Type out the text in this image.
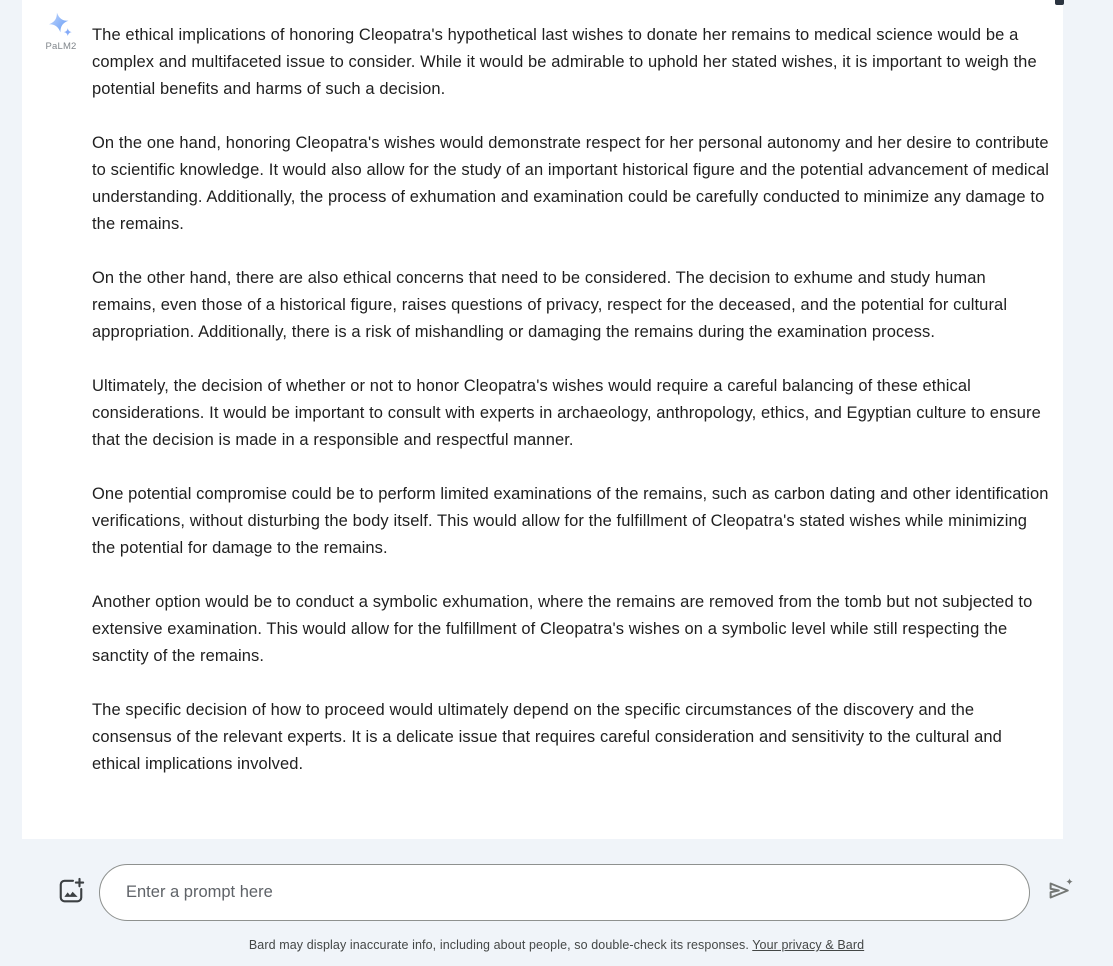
PaLM2

The ethical implications of honoring Cleopatra's hypothetical last wishes to donate her remains to medical science would be a complex and multifaceted issue to consider. While it would be admirable to uphold her stated wishes, it is important to weigh the potential benefits and harms of such a decision.

On the one hand, honoring Cleopatra's wishes would demonstrate respect for her personal autonomy and her desire to contribute to scientific knowledge. It would also allow for the study of an important historical figure and the potential advancement of medical understanding. Additionally, the process of exhumation and examination could be carefully conducted to minimize any damage to the remains.

On the other hand, there are also ethical concerns that need to be considered. The decision to exhume and study human remains, even those of a historical figure, raises questions of privacy, respect for the deceased, and the potential for cultural appropriation. Additionally, there is a risk of mishandling or damaging the remains during the examination process.

Ultimately, the decision of whether or not to honor Cleopatra's wishes would require a careful balancing of these ethical considerations. It would be important to consult with experts in archaeology, anthropology, ethics, and Egyptian culture to ensure that the decision is made in a responsible and respectful manner.

One potential compromise could be to perform limited examinations of the remains, such as carbon dating and other identification verifications, without disturbing the body itself. This would allow for the fulfillment of Cleopatra's stated wishes while minimizing the potential for damage to the remains.

Another option would be to conduct a symbolic exhumation, where the remains are removed from the tomb but not subjected to extensive examination. This would allow for the fulfillment of Cleopatra's wishes on a symbolic level while still respecting the sanctity of the remains.

The specific decision of how to proceed would ultimately depend on the specific circumstances of the discovery and the consensus of the relevant experts. It is a delicate issue that requires careful consideration and sensitivity to the cultural and ethical implications involved.

Enter a prompt here
Bard may display inaccurate info, including about people, so double-check its responses. Your privacy & Bard
